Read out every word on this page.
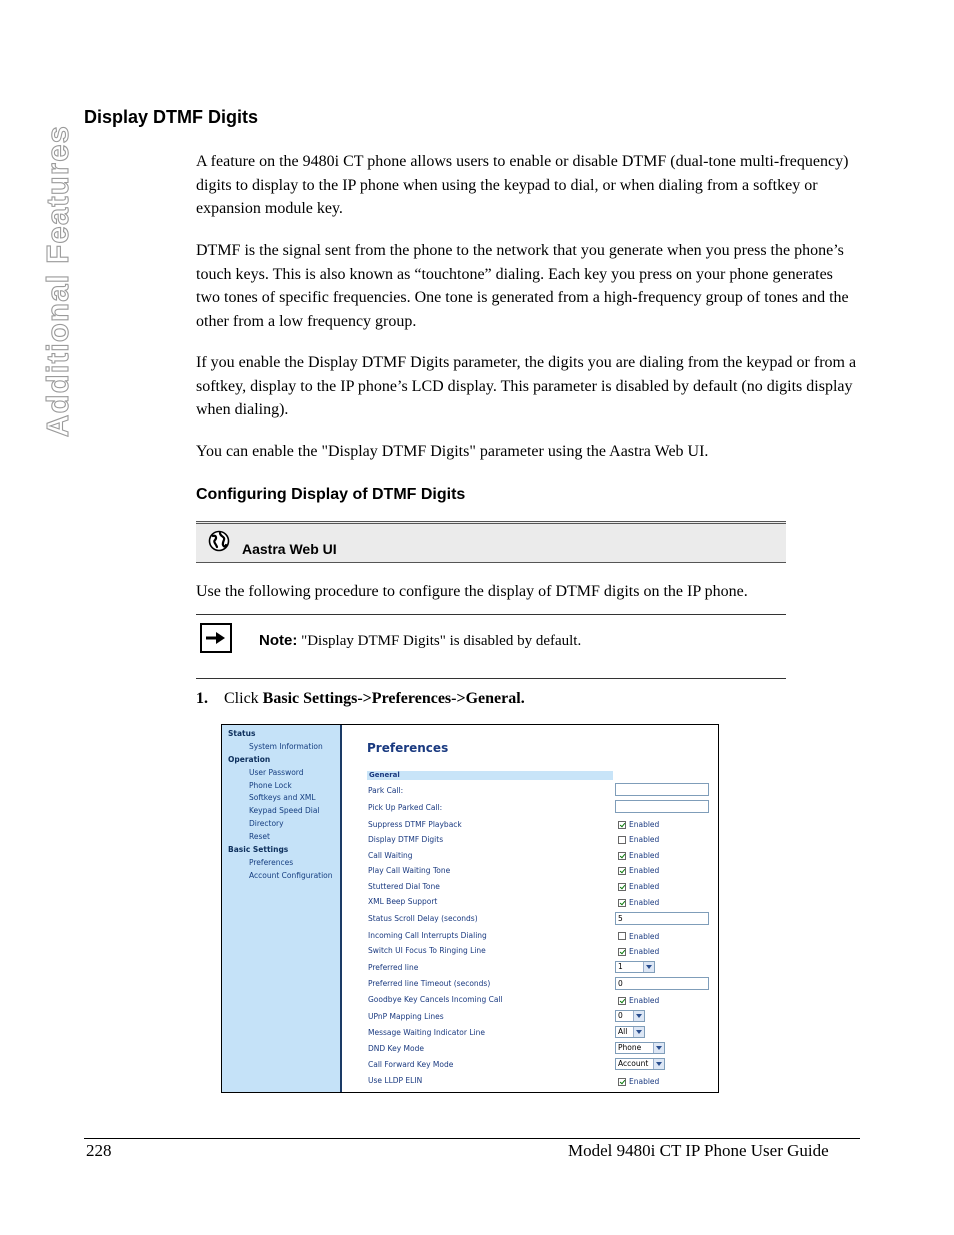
Additional Features
Display DTMF Digits

A feature on the 9480i CT phone allows users to enable or disable DTMF (dual-tone multi-frequency) digits to display to the IP phone when using the keypad to dial, or when dialing from a softkey or expansion module key.

DTMF is the signal sent from the phone to the network that you generate when you press the phone’s touch keys. This is also known as “touchtone” dialing. Each key you press on your phone generates two tones of specific frequencies. One tone is generated from a high-frequency group of tones and the other from a low frequency group.

If you enable the Display DTMF Digits parameter, the digits you are dialing from the keypad or from a softkey, display to the IP phone’s LCD display. This parameter is disabled by default (no digits display when dialing).

You can enable the "Display DTMF Digits" parameter using the Aastra Web UI.

Configuring Display of DTMF Digits
Aastra Web UI

Use the following procedure to configure the display of DTMF digits on the IP phone.

Note: "Display DTMF Digits" is disabled by default.
1. Click Basic Settings->Preferences->General.
Status
System Information
Operation
User Password
Phone Lock
Softkeys and XML
Keypad Speed Dial
Directory
Reset
Basic Settings
Preferences
Account Configuration
Preferences
General
Park Call:
Pick Up Parked Call:
Suppress DTMF Playback	Enabled
Display DTMF Digits	Enabled
Call Waiting	Enabled
Play Call Waiting Tone	Enabled
Stuttered Dial Tone	Enabled
XML Beep Support	Enabled
Status Scroll Delay (seconds)	5
Incoming Call Interrupts Dialing	Enabled
Switch UI Focus To Ringing Line	Enabled
Preferred line	1
Preferred line Timeout (seconds)	0
Goodbye Key Cancels Incoming Call	Enabled
UPnP Mapping Lines	0
Message Waiting Indicator Line	All
DND Key Mode	Phone
Call Forward Key Mode	Account
Use LLDP ELIN	Enabled
228	Model 9480i CT IP Phone User Guide
